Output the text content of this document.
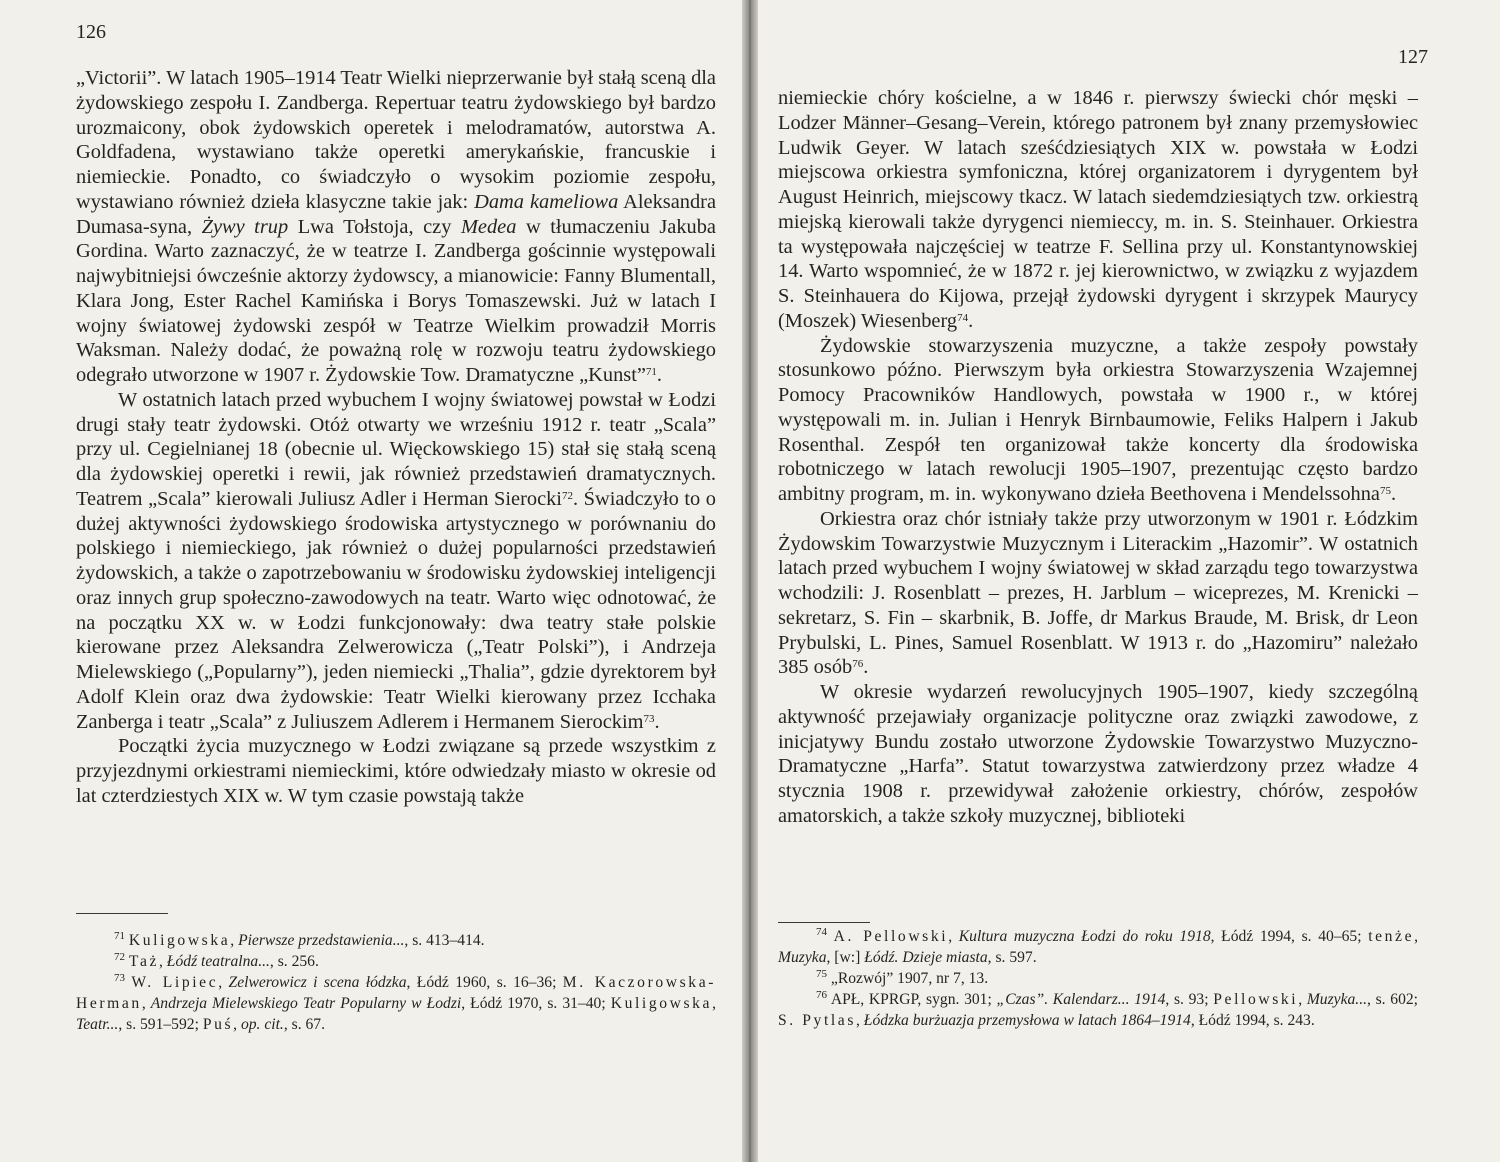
126

„Victorii”. W latach 1905–1914 Teatr Wielki nieprzerwanie był stałą sceną dla żydowskiego zespołu I. Zandberga. Repertuar teatru żydowskiego był bardzo urozmaicony, obok żydowskich operetek i melodramatów, autorstwa A. Goldfadena, wystawiano także operetki amerykańskie, francuskie i niemieckie. Ponadto, co świadczyło o wysokim poziomie zespołu, wystawiano również dzieła klasyczne takie jak: Dama kameliowa Aleksandra Dumasa-syna, Żywy trup Lwa Tołstoja, czy Medea w tłumaczeniu Jakuba Gordina. Warto zaznaczyć, że w teatrze I. Zandberga gościnnie występowali najwybitniejsi ówcześnie aktorzy żydowscy, a mianowicie: Fanny Blumentall, Klara Jong, Ester Rachel Kamińska i Borys Tomaszewski. Już w latach I wojny światowej żydowski zespół w Teatrze Wielkim prowadził Morris Waksman. Należy dodać, że poważną rolę w rozwoju teatru żydowskiego odegrało utworzone w 1907 r. Żydowskie Tow. Dramatyczne „Kunst”$^{71}$.

W ostatnich latach przed wybuchem I wojny światowej powstał w Łodzi drugi stały teatr żydowski. Otóż otwarty we wrześniu 1912 r. teatr „Scala” przy ul. Cegielnianej 18 (obecnie ul. Więckowskiego 15) stał się stałą sceną dla żydowskiej operetki i rewii, jak również przedstawień dramatycznych. Teatrem „Scala” kierowali Juliusz Adler i Herman Sierocki$^{72}$. Świadczyło to o dużej aktywności żydowskiego środowiska artystycznego w porównaniu do polskiego i niemieckiego, jak również o dużej popularności przedstawień żydowskich, a także o zapotrzebowaniu w środowisku żydowskiej inteligencji oraz innych grup społeczno-zawodowych na teatr. Warto więc odnotować, że na początku XX w. w Łodzi funkcjonowały: dwa teatry stałe polskie kierowane przez Aleksandra Zelwerowicza („Teatr Polski”), i Andrzeja Mielewskiego („Popularny”), jeden niemiecki „Thalia”, gdzie dyrektorem był Adolf Klein oraz dwa żydowskie: Teatr Wielki kierowany przez Icchaka Zanberga i teatr „Scala” z Juliuszem Adlerem i Hermanem Sierockim$^{73}$.

Początki życia muzycznego w Łodzi związane są przede wszystkim z przyjezdnymi orkiestrami niemieckimi, które odwiedzały miasto w okresie od lat czterdziestych XIX w. W tym czasie powstają także

$^{71}$ Kuligowska, Pierwsze przedstawienia..., s. 413–414.

$^{72}$ Taż, Łódź teatralna..., s. 256.

$^{73}$ W. Lipiec, Zelwerowicz i scena łódzka, Łódź 1960, s. 16–36; M. Kaczorowska-Herman, Andrzeja Mielewskiego Teatr Popularny w Łodzi, Łódź 1970, s. 31–40; Kuligowska, Teatr..., s. 591–592; Puś, op. cit., s. 67.

127

niemieckie chóry kościelne, a w 1846 r. pierwszy świecki chór męski – Lodzer Männer–Gesang–Verein, którego patronem był znany przemysłowiec Ludwik Geyer. W latach sześćdziesiątych XIX w. powstała w Łodzi miejscowa orkiestra symfoniczna, której organizatorem i dyrygentem był August Heinrich, miejscowy tkacz. W latach siedemdziesiątych tzw. orkiestrą miejską kierowali także dyrygenci niemieccy, m. in. S. Steinhauer. Orkiestra ta występowała najczęściej w teatrze F. Sellina przy ul. Konstantynowskiej 14. Warto wspomnieć, że w 1872 r. jej kierownictwo, w związku z wyjazdem S. Steinhauera do Kijowa, przejął żydowski dyrygent i skrzypek Maurycy (Moszek) Wiesenberg$^{74}$.

Żydowskie stowarzyszenia muzyczne, a także zespoły powstały stosunkowo późno. Pierwszym była orkiestra Stowarzyszenia Wzajemnej Pomocy Pracowników Handlowych, powstała w 1900 r., w której występowali m. in. Julian i Henryk Birnbaumowie, Feliks Halpern i Jakub Rosenthal. Zespół ten organizował także koncerty dla środowiska robotniczego w latach rewolucji 1905–1907, prezentując często bardzo ambitny program, m. in. wykonywano dzieła Beethovena i Mendelssohna$^{75}$.

Orkiestra oraz chór istniały także przy utworzonym w 1901 r. Łódzkim Żydowskim Towarzystwie Muzycznym i Literackim „Hazomir”. W ostatnich latach przed wybuchem I wojny światowej w skład zarządu tego towarzystwa wchodzili: J. Rosenblatt – prezes, H. Jarblum – wiceprezes, M. Krenicki – sekretarz, S. Fin – skarbnik, B. Joffe, dr Markus Braude, M. Brisk, dr Leon Prybulski, L. Pines, Samuel Rosenblatt. W 1913 r. do „Hazomiru” należało 385 osób$^{76}$.

W okresie wydarzeń rewolucyjnych 1905–1907, kiedy szczególną aktywność przejawiały organizacje polityczne oraz związki zawodowe, z inicjatywy Bundu zostało utworzone Żydowskie Towarzystwo Muzyczno-Dramatyczne „Harfa”. Statut towarzystwa zatwierdzony przez władze 4 stycznia 1908 r. przewidywał założenie orkiestry, chórów, zespołów amatorskich, a także szkoły muzycznej, biblioteki

$^{74}$ A. Pellowski, Kultura muzyczna Łodzi do roku 1918, Łódź 1994, s. 40–65; tenże, Muzyka, [w:] Łódź. Dzieje miasta, s. 597.

$^{75}$ „Rozwój” 1907, nr 7, 13.

$^{76}$ APŁ, KPRGP, sygn. 301; „Czas”. Kalendarz... 1914, s. 93; Pellowski, Muzyka..., s. 602; S. Pytlas, Łódzka burżuazja przemysłowa w latach 1864–1914, Łódź 1994, s. 243.
